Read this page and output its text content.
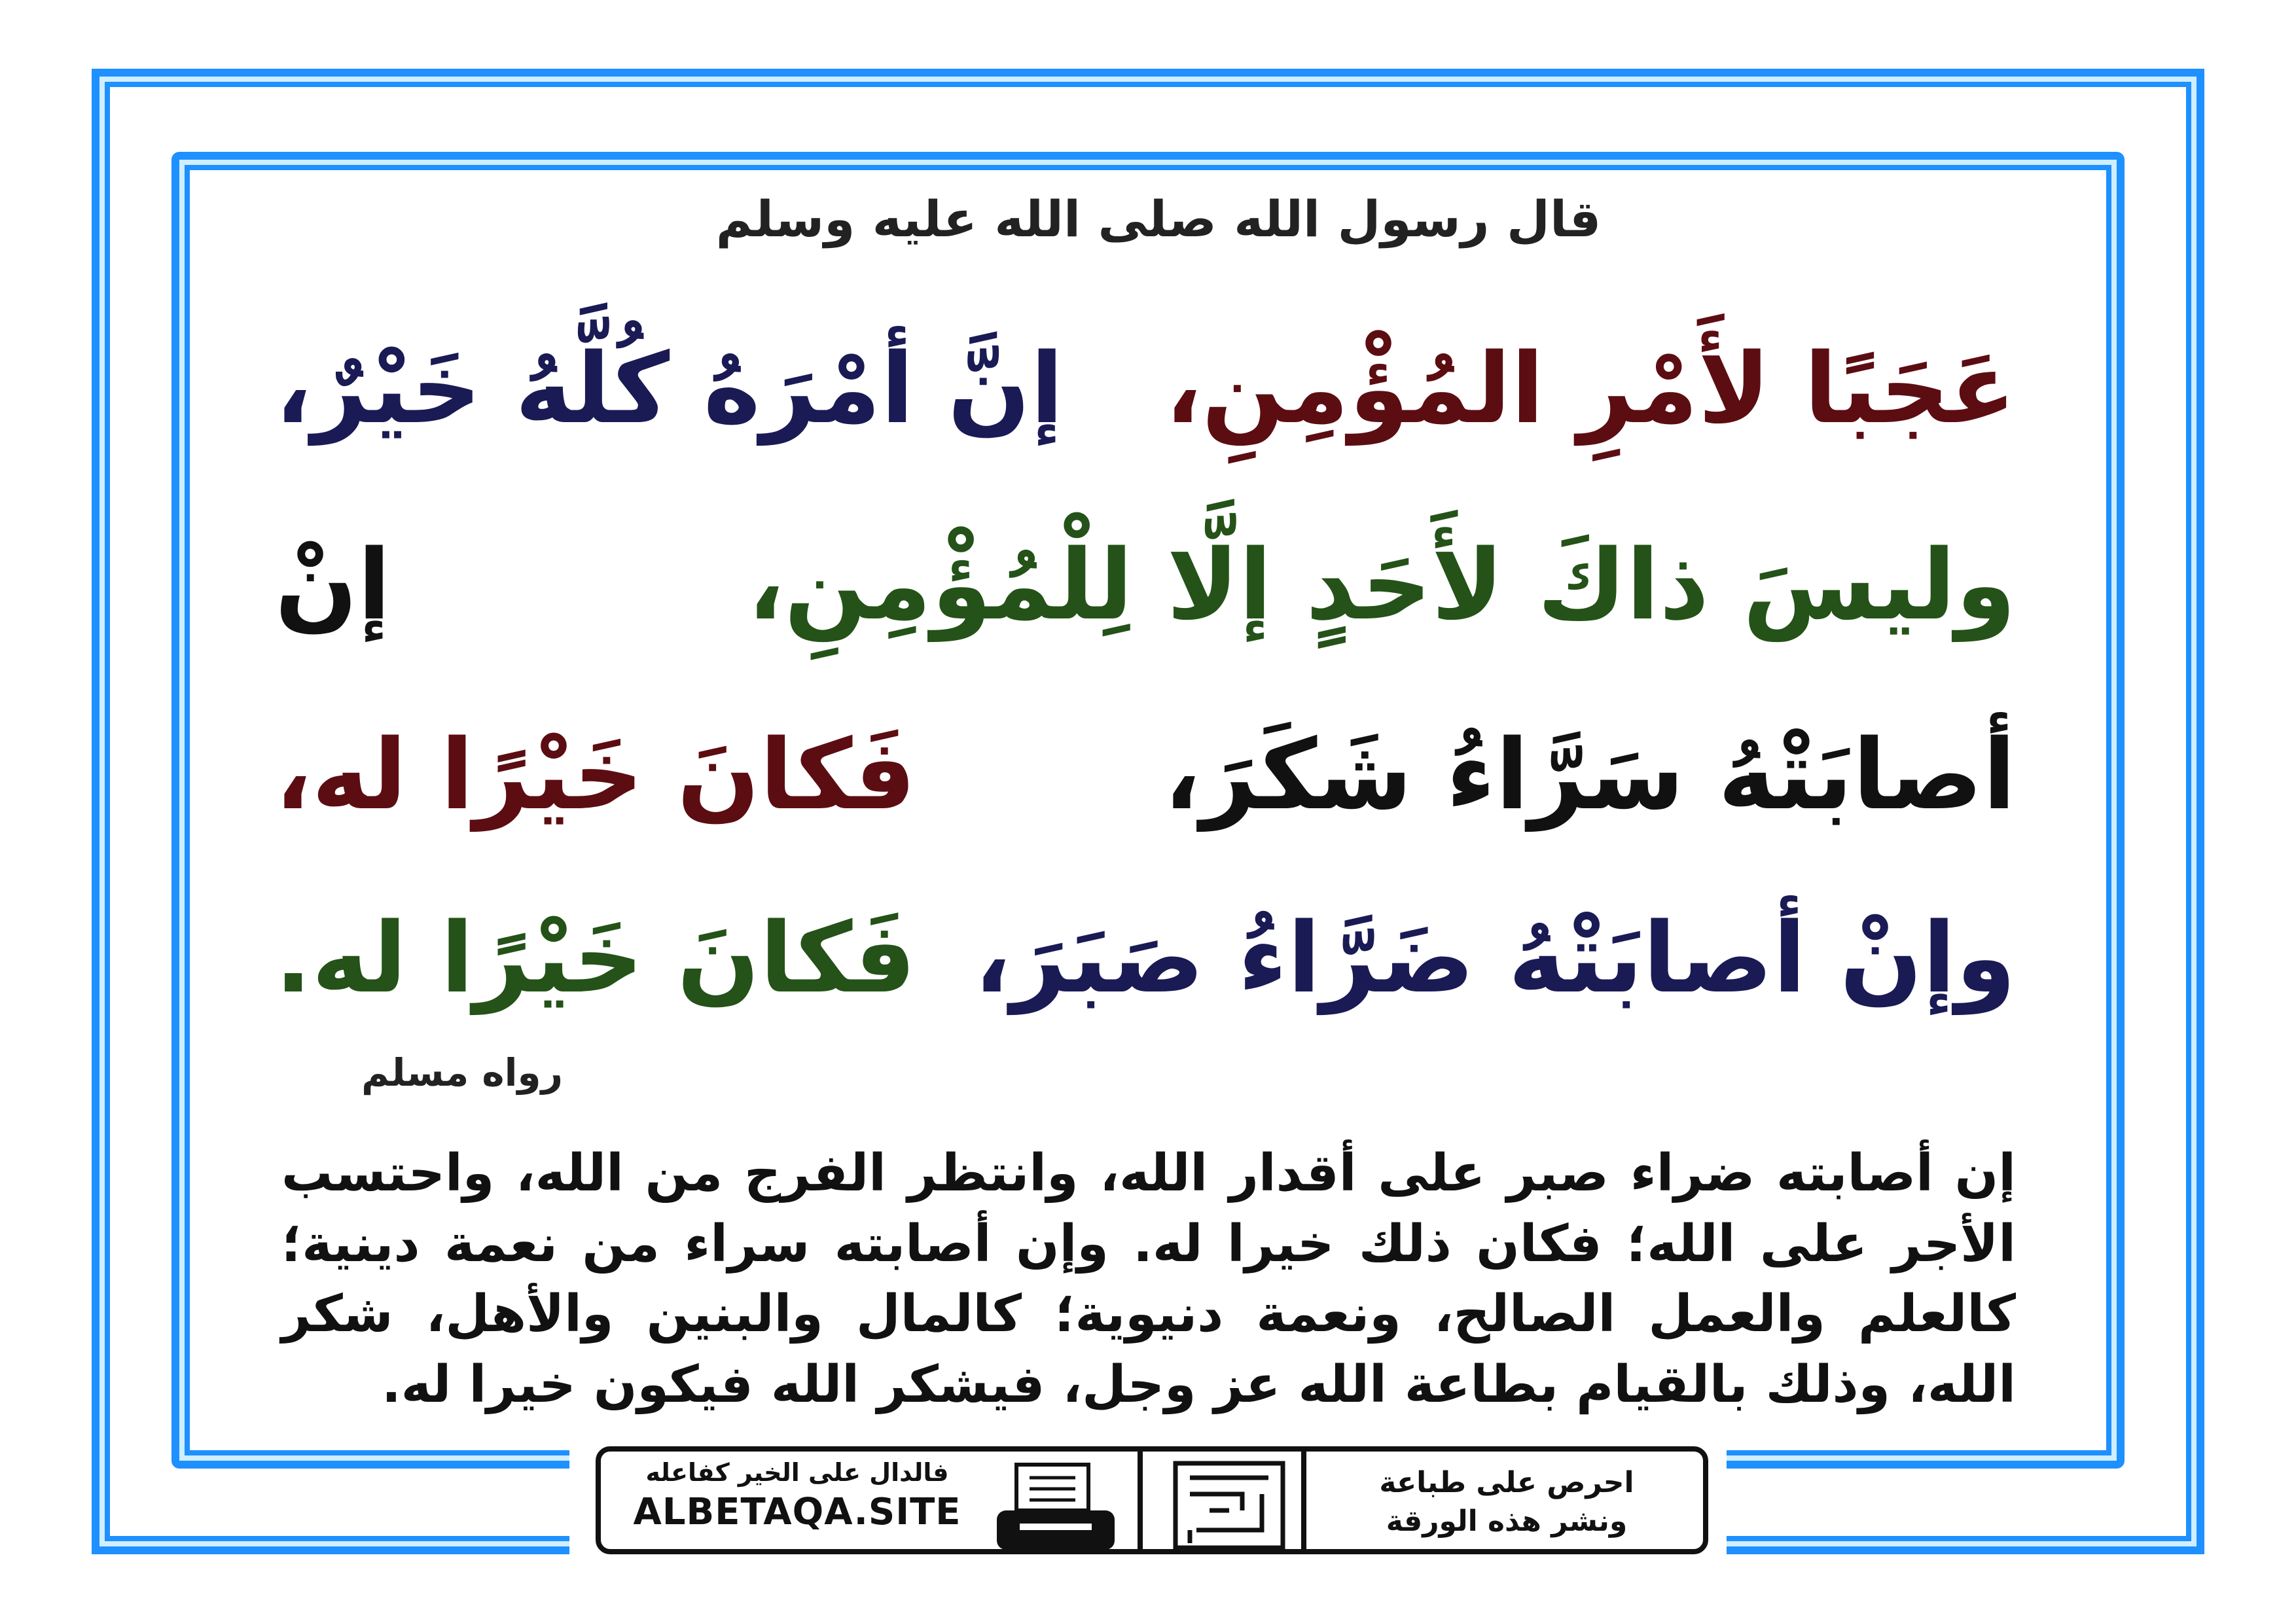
قال رسول الله صلى الله عليه وسلم
عَجَبًا لأَمْرِ المُؤْمِنِ،
إنَّ أمْرَهُ كُلَّهُ خَيْرٌ،
وليسَ ذاكَ لأَحَدٍ إلَّا لِلْمُؤْمِنِ،
إنْ
أصابَتْهُ سَرَّاءُ شَكَرَ،
فَكانَ خَيْرًا له،
وإنْ أصابَتْهُ ضَرَّاءُ صَبَرَ،
فَكانَ خَيْرًا له.
رواه مسلم
إن أصابته ضراء صبر على أقدار الله، وانتظر الفرج من الله، واحتسب الأجر على الله؛ فكان ذلك خيرا له. وإن أصابته سراء من نعمة دينية؛ كالعلم والعمل الصالح، ونعمة دنيوية؛ كالمال والبنين والأهل، شكر الله، وذلك بالقيام بطاعة الله عز وجل، فيشكر الله فيكون خيرا له.
فالدال على الخير كفاعله
ALBETAQA.SITE
احرص على طباعة
ونشر هذه الورقة
